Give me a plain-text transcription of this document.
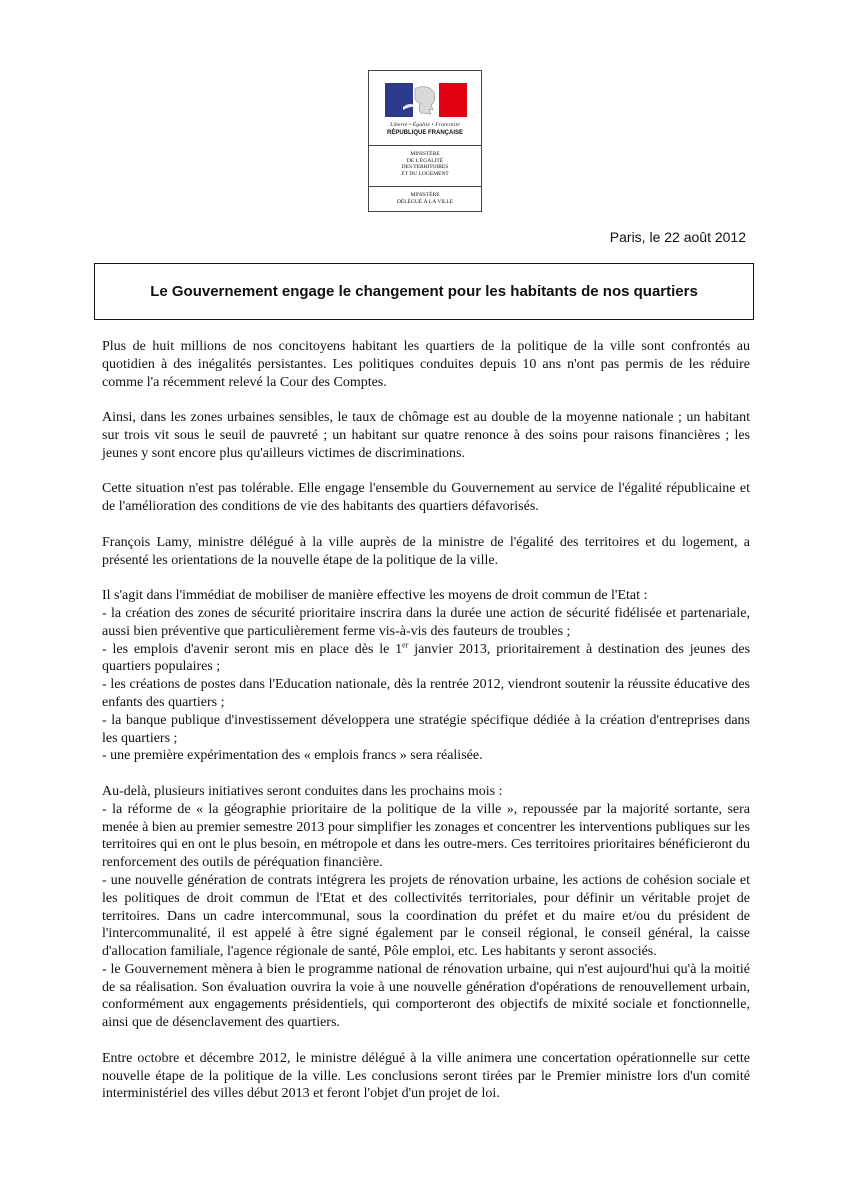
Liberté • Égalité • Fraternité
RÉPUBLIQUE FRANÇAISE
MINISTÈRE
DE L'ÉGALITÉ
DES TERRITOIRES
ET DU LOGEMENT
MINISTÈRE
DÉLÉGUÉ À LA VILLE
Paris, le 22 août 2012
Le Gouvernement engage le changement pour les habitants de nos quartiers

Plus de huit millions de nos concitoyens habitant les quartiers de la politique de la ville sont confrontés au quotidien à des inégalités persistantes. Les politiques conduites depuis 10 ans n'ont pas permis de les réduire comme l'a récemment relevé la Cour des Comptes.

Ainsi, dans les zones urbaines sensibles, le taux de chômage est au double de la moyenne nationale ; un habitant sur trois vit sous le seuil de pauvreté ; un habitant sur quatre renonce à des soins pour raisons financières ; les jeunes y sont encore plus qu'ailleurs victimes de discriminations.

Cette situation n'est pas tolérable. Elle engage l'ensemble du Gouvernement au service de l'égalité républicaine et de l'amélioration des conditions de vie des habitants des quartiers défavorisés.

François Lamy, ministre délégué à la ville auprès de la ministre de l'égalité des territoires et du logement, a présenté les orientations de la nouvelle étape de la politique de la ville.

Il s'agit dans l'immédiat de mobiliser de manière effective les moyens de droit commun de l'Etat :
- la création des zones de sécurité prioritaire inscrira dans la durée une action de sécurité fidélisée et partenariale, aussi bien préventive que particulièrement ferme vis-à-vis des fauteurs de troubles ;
- les emplois d'avenir seront mis en place dès le 1er janvier 2013, prioritairement à destination des jeunes des quartiers populaires ;
- les créations de postes dans l'Education nationale, dès la rentrée 2012, viendront soutenir la réussite éducative des enfants des quartiers ;
- la banque publique d'investissement développera une stratégie spécifique dédiée à la création d'entreprises dans les quartiers ;
- une première expérimentation des « emplois francs » sera réalisée.
Au-delà, plusieurs initiatives seront conduites dans les prochains mois :
- la réforme de « la géographie prioritaire de la politique de la ville », repoussée par la majorité sortante, sera menée à bien au premier semestre 2013 pour simplifier les zonages et concentrer les interventions publiques sur les territoires qui en ont le plus besoin, en métropole et dans les outre-mers. Ces territoires prioritaires bénéficieront du renforcement des outils de péréquation financière.
- une nouvelle génération de contrats intégrera les projets de rénovation urbaine, les actions de cohésion sociale et les politiques de droit commun de l'Etat et des collectivités territoriales, pour définir un véritable projet de territoires. Dans un cadre intercommunal, sous la coordination du préfet et du maire et/ou du président de l'intercommunalité, il est appelé à être signé également par le conseil régional, le conseil général, la caisse d'allocation familiale, l'agence régionale de santé, Pôle emploi, etc. Les habitants y seront associés.
- le Gouvernement mènera à bien le programme national de rénovation urbaine, qui n'est aujourd'hui qu'à la moitié de sa réalisation. Son évaluation ouvrira la voie à une nouvelle génération d'opérations de renouvellement urbain, conformément aux engagements présidentiels, qui comporteront des objectifs de mixité sociale et fonctionnelle, ainsi que de désenclavement des quartiers.

Entre octobre et décembre 2012, le ministre délégué à la ville animera une concertation opérationnelle sur cette nouvelle étape de la politique de la ville. Les conclusions seront tirées par le Premier ministre lors d'un comité interministériel des villes début 2013 et feront l'objet d'un projet de loi.
